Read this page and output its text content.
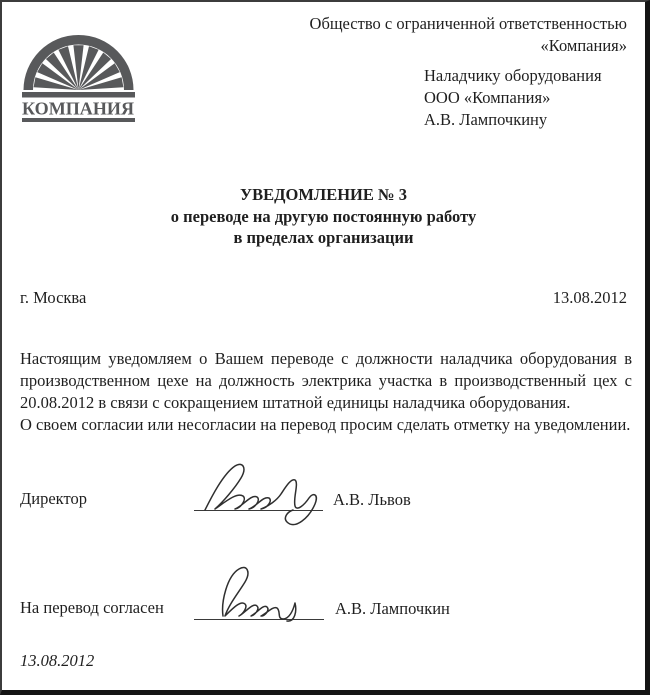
Общество с ограниченной ответственностью
«Компания»
КОМПАНИЯ
Наладчику оборудования
ООО «Компания»
А.В. Лампочкину
УВЕДОМЛЕНИЕ № 3
о переводе на другую постоянную работу
в пределах организации
г. Москва	13.08.2012

Настоящим уведомляем о Вашем переводе с должности наладчика оборудования в производственном цехе на должность электрика участка в производственный цех с 20.08.2012 в связи с сокращением штатной единицы наладчика оборудования.

О своем согласии или несогласии на перевод просим сделать отметку на уведомлении.

Директор	А.В. Львов
На перевод согласен	А.В. Лампочкин
13.08.2012
